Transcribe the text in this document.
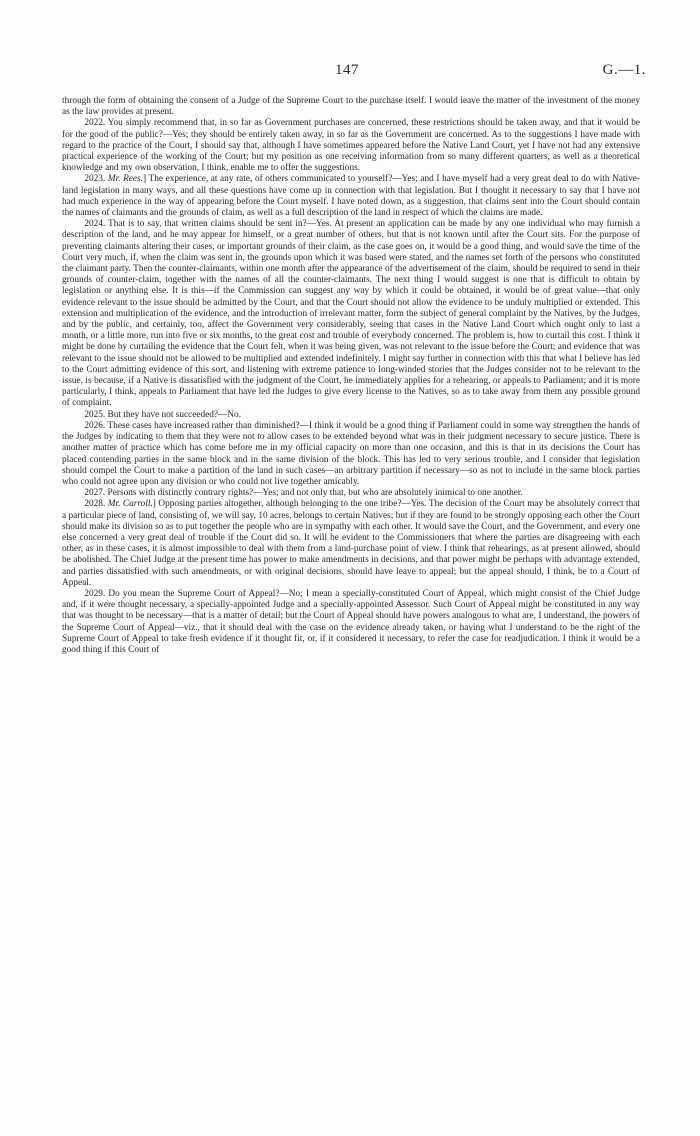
147	G.—1.

through the form of obtaining the consent of a Judge of the Supreme Court to the purchase itself. I would leave the matter of the investment of the money as the law provides at present.

2022. You simply recommend that, in so far as Government purchases are concerned, these restrictions should be taken away, and that it would be for the good of the public?—Yes; they should be entirely taken away, in so far as the Government are concerned. As to the suggestions I have made with regard to the practice of the Court, I should say that, although I have sometimes appeared before the Native Land Court, yet I have not had any extensive practical experience of the working of the Court; but my position as one receiving information from so many different quarters, as well as a theoretical knowledge and my own observation, I think, enable me to offer the suggestions.

2023. Mr. Rees.] The experience, at any rate, of others communicated to yourself?—Yes; and I have myself had a very great deal to do with Native-land legislation in many ways, and all these questions have come up in connection with that legislation. But I thought it necessary to say that I have not had much experience in the way of appearing before the Court myself. I have noted down, as a suggestion, that claims sent into the Court should contain the names of claimants and the grounds of claim, as well as a full description of the land in respect of which the claims are made.

2024. That is to say, that written claims should be sent in?—Yes. At present an application can be made by any one individual who may furnish a description of the land, and he may appear for himself, or a great number of others, but that is not known until after the Court sits. For the purpose of preventing claimants altering their cases, or important grounds of their claim, as the case goes on, it would be a good thing, and would save the time of the Court very much, if, when the claim was sent in, the grounds upon which it was based were stated, and the names set forth of the persons who constituted the claimant party. Then the counter-claimants, within one month after the appearance of the advertisement of the claim, should be required to send in their grounds of counter-claim, together with the names of all the counter-claimants. The next thing I would suggest is one that is difficult to obtain by legislation or anything else. It is this—if the Commission can suggest any way by which it could be obtained, it would be of great value—that only evidence relevant to the issue should be admitted by the Court, and that the Court should not allow the evidence to be unduly multiplied or extended. This extension and multiplication of the evidence, and the introduction of irrelevant matter, form the subject of general complaint by the Natives, by the Judges, and by the public, and certainly, too, affect the Government very considerably, seeing that cases in the Native Land Court which ought only to last a month, or a little more, run into five or six months, to the great cost and trouble of everybody concerned. The problem is, how to curtail this cost. I think it might be done by curtailing the evidence that the Court felt, when it was being given, was not relevant to the issue before the Court; and evidence that was relevant to the issue should not be allowed to be multiplied and extended indefinitely. I might say further in connection with this that what I believe has led to the Court admitting evidence of this sort, and listening with extreme patience to long-winded stories that the Judges consider not to be relevant to the issue, is because, if a Native is dissatisfied with the judgment of the Court, he immediately applies for a rehearing, or appeals to Parliament; and it is more particularly, I think, appeals to Parliament that have led the Judges to give every license to the Natives, so as to take away from them any possible ground of complaint.

2025. But they have not succeeded?—No.

2026. These cases have increased rather than diminished?—I think it would be a good thing if Parliament could in some way strengthen the hands of the Judges by indicating to them that they were not to allow cases to be extended beyond what was in their judgment necessary to secure justice. There is another matter of practice which has come before me in my official capacity on more than one occasion, and this is that in its decisions the Court has placed contending parties in the same block and in the same division of the block. This has led to very serious trouble, and I consider that legislation should compel the Court to make a partition of the land in such cases—an arbitrary partition if necessary—so as not to include in the same block parties who could not agree upon any division or who could not live together amicably.

2027. Persons with distinctly contrary rights?—Yes; and not only that, but who are absolutely inimical to one another.

2028. Mr. Carroll.] Opposing parties altogether, although belonging to the one tribe?—Yes. The decision of the Court may be absolutely correct that a particular piece of land, consisting of, we will say, 10 acres, belongs to certain Natives; but if they are found to be strongly opposing each other the Court should make its division so as to put together the people who are in sympathy with each other. It would save the Court, and the Government, and every one else concerned a very great deal of trouble if the Court did so. It will be evident to the Commissioners that where the parties are disagreeing with each other, as in these cases, it is almost impossible to deal with them from a land-purchase point of view. I think that rehearings, as at present allowed, should be abolished. The Chief Judge at the present time has power to make amendments in decisions, and that power might be perhaps with advantage extended, and parties dissatisfied with such amendments, or with original decisions, should have leave to appeal; but the appeal should, I think, be to a Court of Appeal.

2029. Do you mean the Supreme Court of Appeal?—No; I mean a specially-constituted Court of Appeal, which might consist of the Chief Judge and, if it were thought necessary, a specially-appointed Judge and a specially-appointed Assessor. Such Court of Appeal might be constituted in any way that was thought to be necessary—that is a matter of detail; but the Court of Appeal should have powers analogous to what are, I understand, the powers of the Supreme Court of Appeal—viz., that it should deal with the case on the evidence already taken, or having what I understand to be the right of the Supreme Court of Appeal to take fresh evidence if it thought fit, or, if it considered it necessary, to refer the case for readjudication. I think it would be a good thing if this Court of
